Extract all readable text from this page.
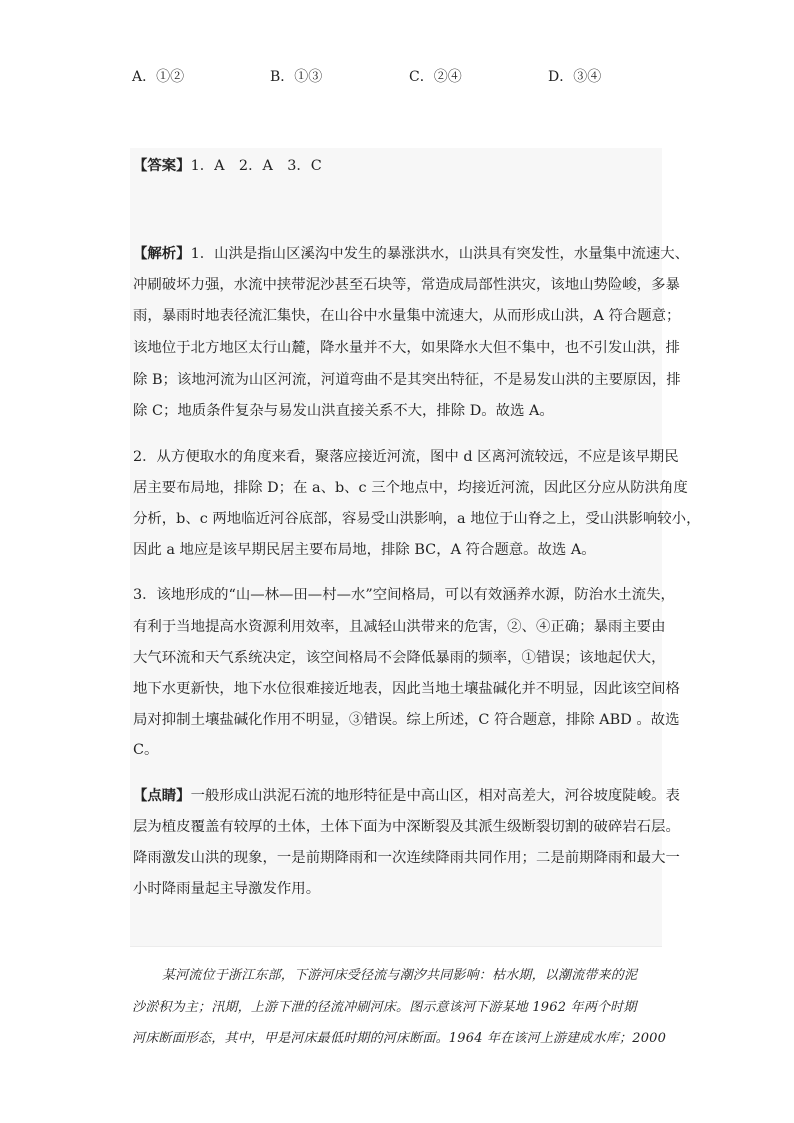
A．①②	B．①③	C．②④	D．③④
【答案】1．A　2．A　3．C
【解析】1．山洪是指山区溪沟中发生的暴涨洪水，山洪具有突发性，水量集中流速大、
冲刷破坏力强，水流中挟带泥沙甚至石块等，常造成局部性洪灾，该地山势险峻，多暴
雨，暴雨时地表径流汇集快，在山谷中水量集中流速大，从而形成山洪，A 符合题意；
该地位于北方地区太行山麓，降水量并不大，如果降水大但不集中，也不引发山洪，排
除 B；该地河流为山区河流，河道弯曲不是其突出特征，不是易发山洪的主要原因，排
除 C；地质条件复杂与易发山洪直接关系不大，排除 D。故选 A。
2．从方便取水的角度来看，聚落应接近河流，图中 d 区离河流较远，不应是该早期民
居主要布局地，排除 D；在 a、b、c 三个地点中，均接近河流，因此区分应从防洪角度
分析，b、c 两地临近河谷底部，容易受山洪影响，a 地位于山脊之上，受山洪影响较小，
因此 a 地应是该早期民居主要布局地，排除 BC，A 符合题意。故选 A。
3．该地形成的“山—林—田—村—水”空间格局，可以有效涵养水源，防治水土流失，
有利于当地提高水资源利用效率，且减轻山洪带来的危害，②、④正确；暴雨主要由
大气环流和天气系统决定，该空间格局不会降低暴雨的频率，①错误；该地起伏大，
地下水更新快，地下水位很难接近地表，因此当地土壤盐碱化并不明显，因此该空间格
局对抑制土壤盐碱化作用不明显，③错误。综上所述，C 符合题意，排除 ABD 。故选
C。
【点睛】一般形成山洪泥石流的地形特征是中高山区，相对高差大，河谷坡度陡峻。表
层为植皮覆盖有较厚的土体，土体下面为中深断裂及其派生级断裂切割的破碎岩石层。
降雨激发山洪的现象，一是前期降雨和一次连续降雨共同作用；二是前期降雨和最大一
小时降雨量起主导激发作用。
某河流位于浙江东部，下游河床受径流与潮汐共同影响：枯水期，以潮流带来的泥
沙淤积为主；汛期，上游下泄的径流冲刷河床。图示意该河下游某地 1962 年两个时期
河床断面形态，其中，甲是河床最低时期的河床断面。1964 年在该河上游建成水库；2000
